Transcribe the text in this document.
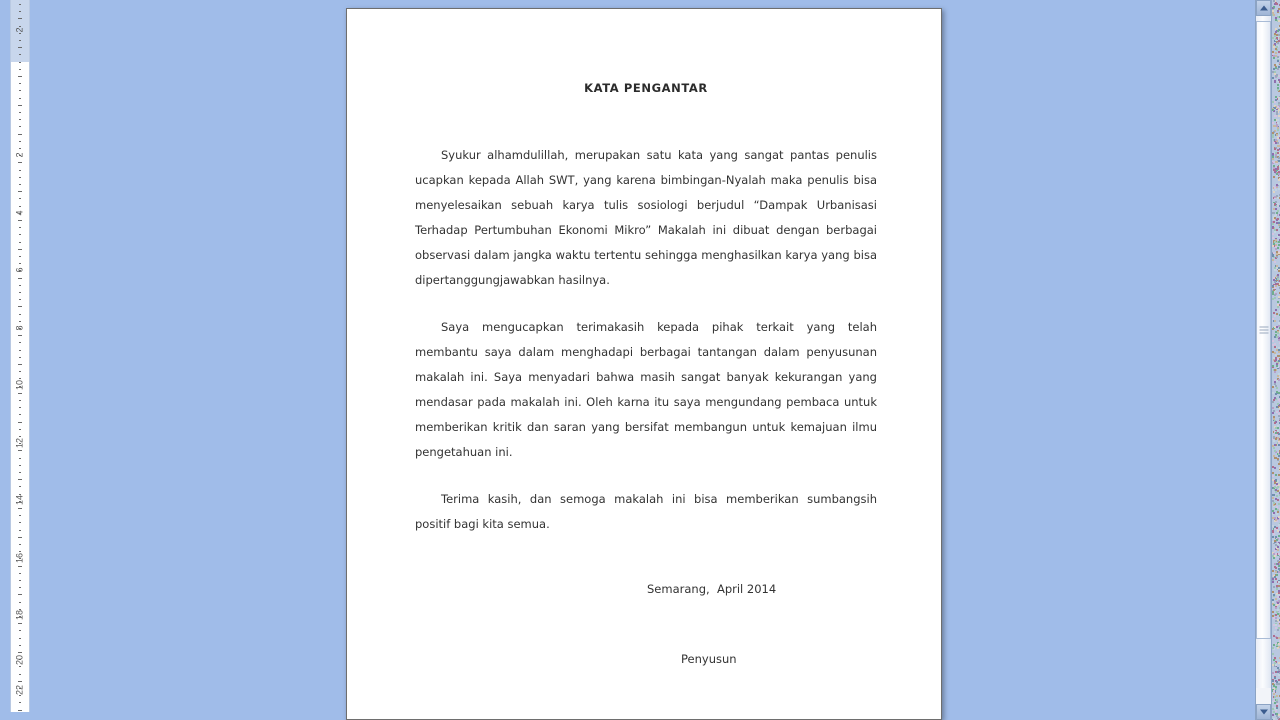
2
2
4
6
8
10
12
14
16
18
20
22
KATA PENGANTAR

Syukur alhamdulillah, merupakan satu kata yang sangat pantas penulis ucapkan kepada Allah SWT, yang karena bimbingan-Nyalah maka penulis bisa menyelesaikan sebuah karya tulis sosiologi berjudul “Dampak Urbanisasi Terhadap Pertumbuhan Ekonomi Mikro” Makalah ini dibuat dengan berbagai observasi dalam jangka waktu tertentu sehingga menghasilkan karya yang bisa dipertanggungjawabkan hasilnya.

Saya mengucapkan terimakasih kepada pihak terkait yang telah membantu saya dalam menghadapi berbagai tantangan dalam penyusunan makalah ini. Saya menyadari bahwa masih sangat banyak kekurangan yang mendasar pada makalah ini. Oleh karna itu saya mengundang pembaca untuk memberikan kritik dan saran yang bersifat membangun untuk kemajuan ilmu pengetahuan ini.

Terima kasih, dan semoga makalah ini bisa memberikan sumbangsih positif bagi kita semua.

Semarang,  April 2014
Penyusun
